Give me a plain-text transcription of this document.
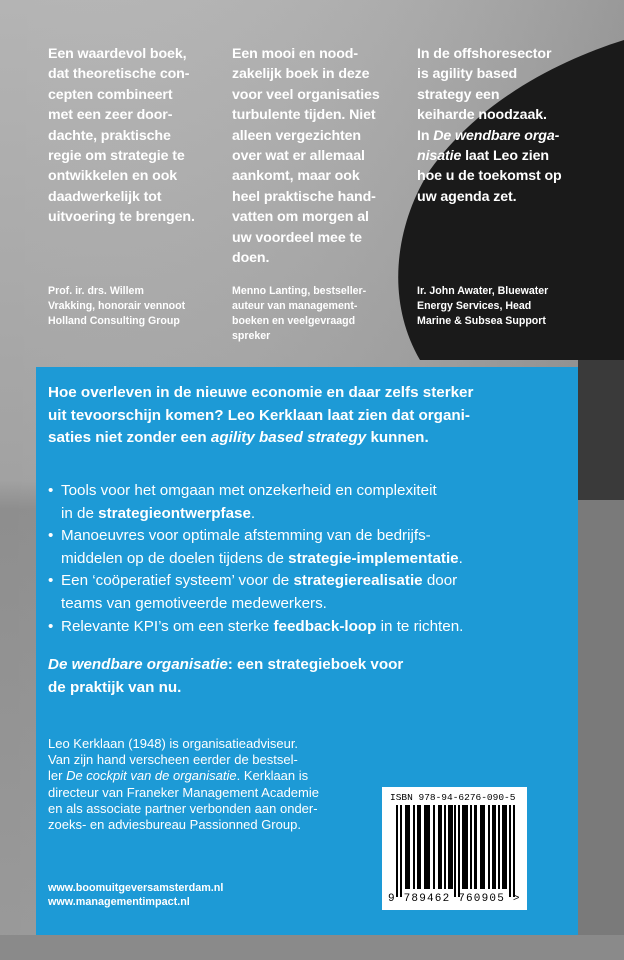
Een waardevol boek,
dat theoretische con-
cepten combineert
met een zeer door-
dachte, praktische
regie om strategie te
ontwikkelen en ook
daadwerkelijk tot
uitvoering te brengen.
Een mooi en nood-
zakelijk boek in deze
voor veel organisaties
turbulente tijden. Niet
alleen vergezichten
over wat er allemaal
aankomt, maar ook
heel praktische hand-
vatten om morgen al
uw voordeel mee te
doen.
In de offshoresector
is agility based
strategy een
keiharde noodzaak.
In De wendbare orga-
nisatie laat Leo zien
hoe u de toekomst op
uw agenda zet.
Prof. ir. drs. Willem
Vrakking, honorair vennoot
Holland Consulting Group
Menno Lanting, bestseller-
auteur van management-
boeken en veelgevraagd
spreker
Ir. John Awater, Bluewater
Energy Services, Head
Marine & Subsea Support
Hoe overleven in de nieuwe economie en daar zelfs sterker
uit tevoorschijn komen? Leo Kerklaan laat zien dat organi-
saties niet zonder een agility based strategy kunnen.
• Tools voor het omgaan met onzekerheid en complexiteit
in de strategieontwerpfase.
• Manoeuvres voor optimale afstemming van de bedrijfs-
middelen op de doelen tijdens de strategie-implementatie.
• Een ‘coöperatief systeem’ voor de strategierealisatie door
teams van gemotiveerde medewerkers.
• Relevante KPI’s om een sterke feedback-loop in te richten.
De wendbare organisatie: een strategieboek voor
de praktijk van nu.
Leo Kerklaan (1948) is organisatieadviseur.
Van zijn hand verscheen eerder de bestsel-
ler De cockpit van de organisatie. Kerklaan is
directeur van Franeker Management Academie
en als associate partner verbonden aan onder-
zoeks- en adviesbureau Passionned Group.
www.boomuitgeversamsterdam.nl
www.managementimpact.nl
ISBN 978-94-6276-090-5
9 789462 760905 >
